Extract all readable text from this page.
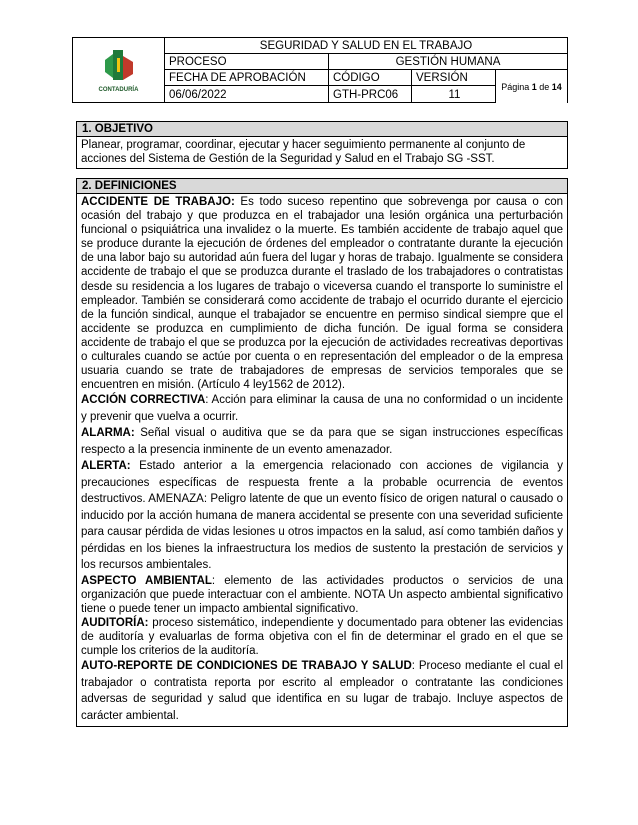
CONTADURÍA
SEGURIDAD Y SALUD EN EL TRABAJO
PROCESO	GESTIÓN HUMANA
FECHA DE APROBACIÓN	CÓDIGO	VERSIÓN
06/06/2022	GTH-PRC06	11
Página
1
de
14
1. OBJETIVO
Planear, programar, coordinar, ejecutar y hacer seguimiento permanente al conjunto de acciones del Sistema de Gestión de la Seguridad y Salud en el Trabajo SG -SST.
2. DEFINICIONES

ACCIDENTE DE TRABAJO: Es todo suceso repentino que sobrevenga por causa o con ocasión del trabajo y que produzca en el trabajador una lesión orgánica una perturbación funcional o psiquiátrica una invalidez o la muerte. Es también accidente de trabajo aquel que se produce durante la ejecución de órdenes del empleador o contratante durante la ejecución de una labor bajo su autoridad aún fuera del lugar y horas de trabajo. Igualmente se considera accidente de trabajo el que se produzca durante el traslado de los trabajadores o contratistas desde su residencia a los lugares de trabajo o viceversa cuando el transporte lo suministre el empleador. También se considerará como accidente de trabajo el ocurrido durante el ejercicio de la función sindical, aunque el trabajador se encuentre en permiso sindical siempre que el accidente se produzca en cumplimiento de dicha función. De igual forma se considera accidente de trabajo el que se produzca por la ejecución de actividades recreativas deportivas o culturales cuando se actúe por cuenta o en representación del empleador o de la empresa usuaria cuando se trate de trabajadores de empresas de servicios temporales que se encuentren en misión. (Artículo 4 ley1562 de 2012).

ACCIÓN CORRECTIVA: Acción para eliminar la causa de una no conformidad o un incidente y prevenir que vuelva a ocurrir.

ALARMA: Señal visual o auditiva que se da para que se sigan instrucciones específicas respecto a la presencia inminente de un evento amenazador.

ALERTA: Estado anterior a la emergencia relacionado con acciones de vigilancia y precauciones específicas de respuesta frente a la probable ocurrencia de eventos destructivos. AMENAZA: Peligro latente de que un evento físico de origen natural o causado o inducido por la acción humana de manera accidental se presente con una severidad suficiente para causar pérdida de vidas lesiones u otros impactos en la salud, así como también daños y pérdidas en los bienes la infraestructura los medios de sustento la prestación de servicios y los recursos ambientales.

ASPECTO AMBIENTAL: elemento de las actividades productos o servicios de una organización que puede interactuar con el ambiente. NOTA Un aspecto ambiental significativo tiene o puede tener un impacto ambiental significativo.

AUDITORÍA: proceso sistemático, independiente y documentado para obtener las evidencias de auditoría y evaluarlas de forma objetiva con el fin de determinar el grado en el que se cumple los criterios de la auditoría.

AUTO-REPORTE DE CONDICIONES DE TRABAJO Y SALUD: Proceso mediante el cual el trabajador o contratista reporta por escrito al empleador o contratante las condiciones adversas de seguridad y salud que identifica en su lugar de trabajo. Incluye aspectos de carácter ambiental.
